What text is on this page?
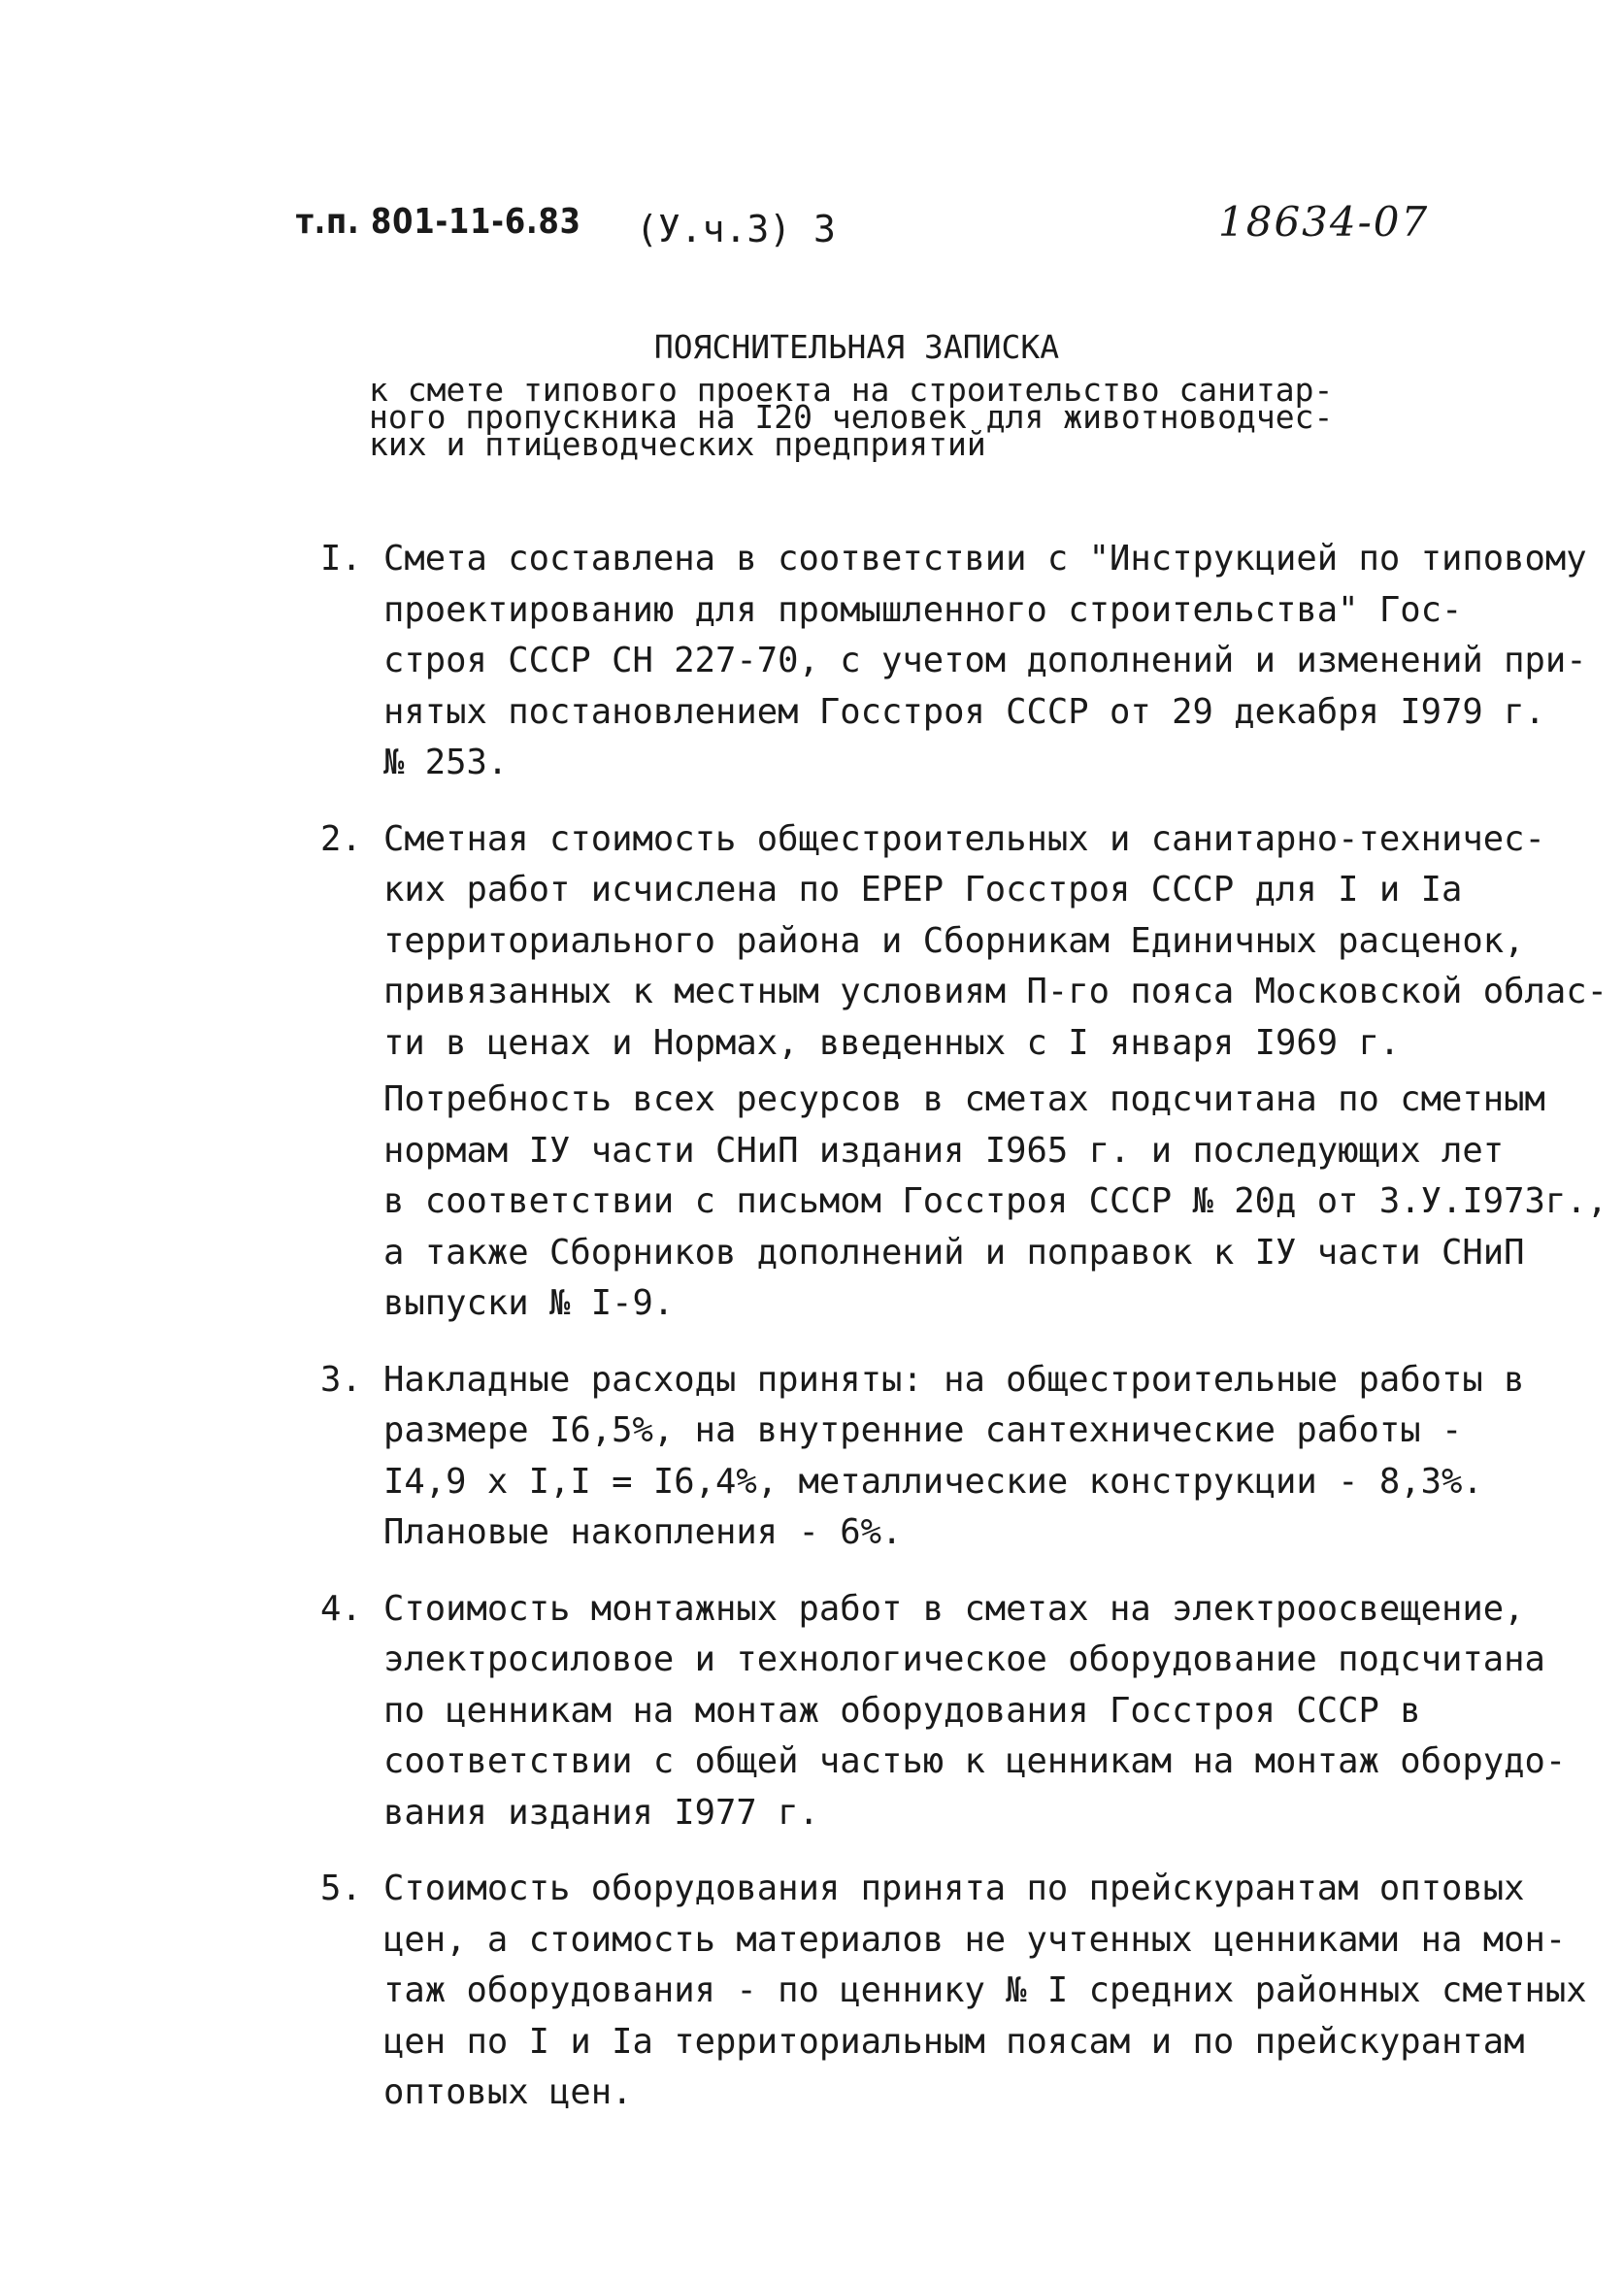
т.п. 801-11-6.83 (У.ч.3) 3	18634-07
ПОЯСНИТЕЛЬНАЯ ЗАПИСКА
к смете типового проекта на строительство санитар-
ного пропускника на I20 человек для животноводчес-
ких и птицеводческих предприятий
I. Смета составлена в соответствии с "Инструкцией по типовому
проектированию для промышленного строительства" Гос-
строя СССР СН 227-70, с учетом дополнений и изменений при-
нятых постановлением Госстроя СССР от 29 декабря I979 г.
№ 253.
2. Сметная стоимость общестроительных и санитарно-техничес-
ких работ исчислена по ЕРЕР Госстроя СССР для I и Iа
территориального района и Сборникам Единичных расценок,
привязанных к местным условиям П-го пояса Московской облас-
ти в ценах и Нормах, введенных с I января I969 г.
Потребность всех ресурсов в сметах подсчитана по сметным
нормам IУ части СНиП издания I965 г. и последующих лет
в соответствии с письмом Госстроя СССР № 20д от 3.У.I973г.,
а также Сборников дополнений и поправок к IУ части СНиП
выпуски № I-9.
3. Накладные расходы приняты: на общестроительные работы в
размере I6,5%, на внутренние сантехнические работы -
I4,9 х I,I = I6,4%, металлические конструкции - 8,3%.
Плановые накопления - 6%.
4. Стоимость монтажных работ в сметах на электроосвещение,
электросиловое и технологическое оборудование подсчитана
по ценникам на монтаж оборудования Госстроя СССР в
соответствии с общей частью к ценникам на монтаж оборудо-
вания издания I977 г.
5. Стоимость оборудования принята по прейскурантам оптовых
цен, а стоимость материалов не учтенных ценниками на мон-
таж оборудования - по ценнику № I средних районных сметных
цен по I и Iа территориальным поясам и по прейскурантам
оптовых цен.
